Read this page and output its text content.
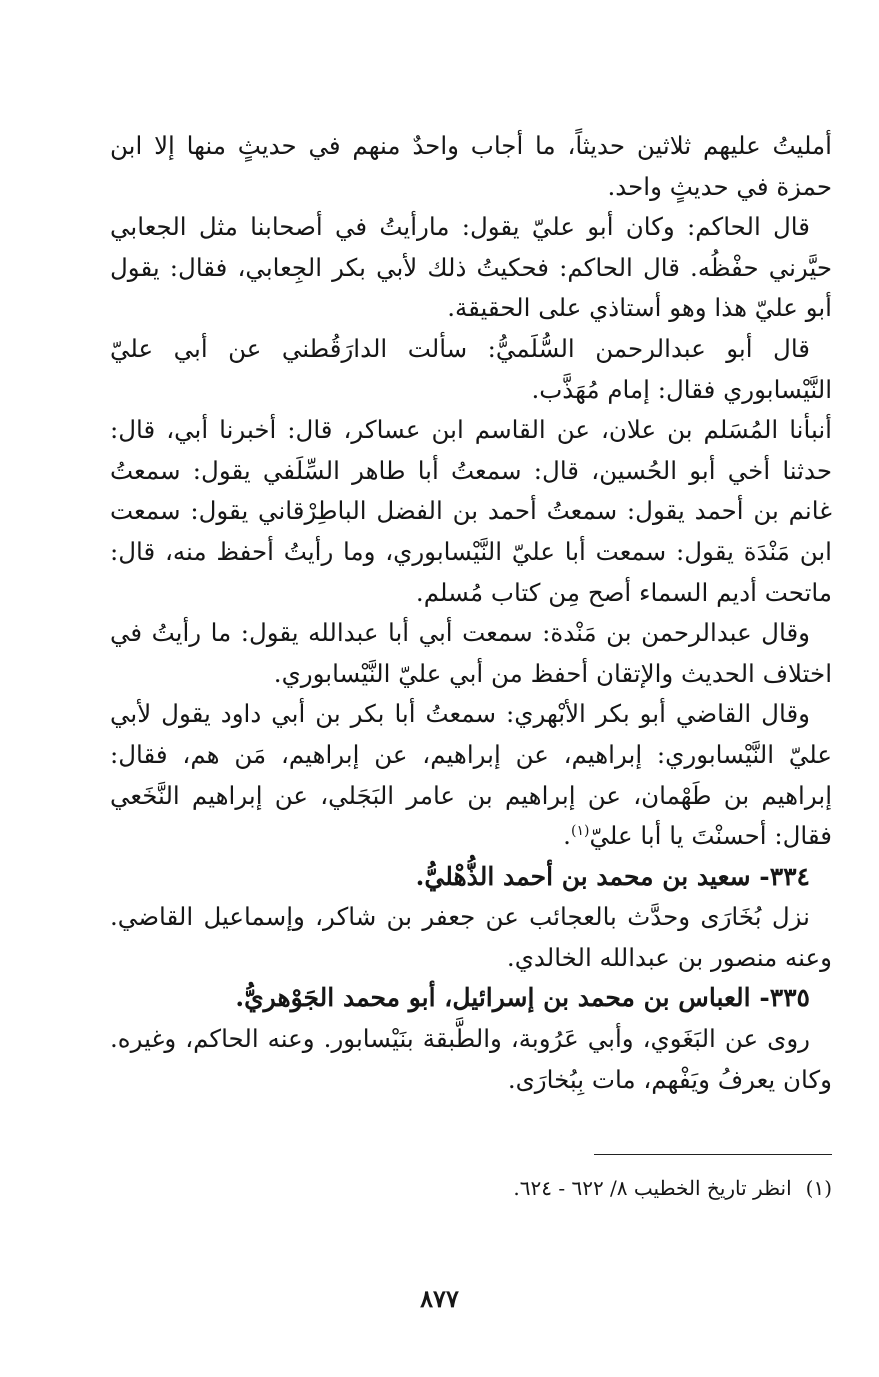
أمليتُ عليهم ثلاثين حديثاً، ما أجاب واحدٌ منهم في حديثٍ منها إلا ابن حمزة في حديثٍ واحد.

قال الحاكم: وكان أبو عليّ يقول: مارأيتُ في أصحابنا مثل الجعابي حيَّرني حفْظُه. قال الحاكم: فحكيتُ ذلك لأبي بكر الجِعابي، فقال: يقول أبو عليّ هذا وهو أستاذي على الحقيقة.

قال أبو عبدالرحمن السُّلَميُّ: سألت الدارَقُطني عن أبي عليّ النَّيْسابوري فقال: إمام مُهَذَّب.

أنبأنا المُسَلم بن علان، عن القاسم ابن عساكر، قال: أخبرنا أبي، قال: حدثنا أخي أبو الحُسين، قال: سمعتُ أبا طاهر السِّلَفي يقول: سمعتُ غانم بن أحمد يقول: سمعتُ أحمد بن الفضل الباطِرْقاني يقول: سمعت ابن مَنْدَة يقول: سمعت أبا عليّ النَّيْسابوري، وما رأيتُ أحفظ منه، قال: ماتحت أديم السماء أصح مِن كتاب مُسلم.

وقال عبدالرحمن بن مَنْدة: سمعت أبي أبا عبدالله يقول: ما رأيتُ في اختلاف الحديث والإتقان أحفظ من أبي عليّ النَّيْسابوري.

وقال القاضي أبو بكر الأبْهري: سمعتُ أبا بكر بن أبي داود يقول لأبي عليّ النَّيْسابوري: إبراهيم، عن إبراهيم، عن إبراهيم، مَن هم، فقال: إبراهيم بن طَهْمان، عن إبراهيم بن عامر البَجَلي، عن إبراهيم النَّخَعي فقال: أحسنْتَ يا أبا عليّ$^{(١)}$.

٣٣٤- سعيد بن محمد بن أحمد الذُّهْليُّ.

نزل بُخَارَى وحدَّث بالعجائب عن جعفر بن شاكر، وإسماعيل القاضي. وعنه منصور بن عبدالله الخالدي.

٣٣٥- العباس بن محمد بن إسرائيل، أبو محمد الجَوْهريُّ.

روى عن البَغَوي، وأبي عَرُوبة، والطَّبقة بنَيْسابور. وعنه الحاكم، وغيره. وكان يعرفُ ويَفْهم، مات بِبُخارَى.

(١)انظر تاريخ الخطيب ٨/ ٦٢٢ - ٦٢٤.
٨٧٧
